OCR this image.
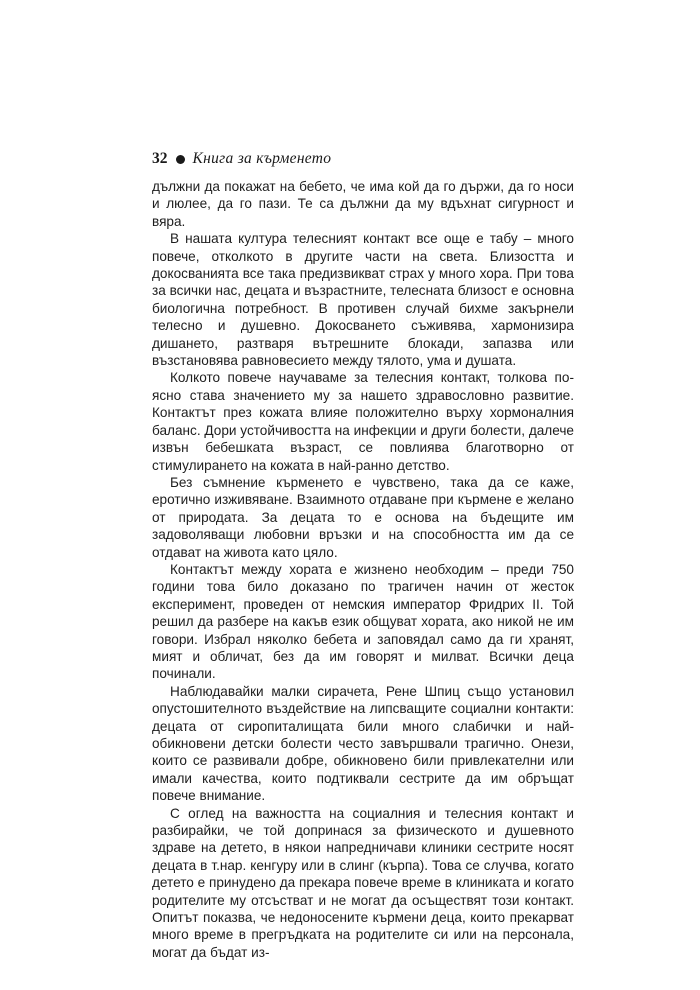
32 Книга за кърменето

дължни да покажат на бебето, че има кой да го държи, да го носи и люлее, да го пази. Те са дължни да му вдъхнат сигурност и вяра.

В нашата култура телесният контакт все още е табу – много повече, отколкото в другите части на света. Близостта и докосванията все така предизвикват страх у много хора. При това за всички нас, децата и възрастните, телесната близост е основна биологична потребност. В противен случай бихме закърнели телесно и душевно. Докосването съживява, хармонизира дишането, разтваря вътрешните блокади, запазва или възстановява равновесието между тялото, ума и душата.

Колкото повече научаваме за телесния контакт, толкова по-ясно става значението му за нашето здравословно развитие. Контактът през кожата влияе положително върху хормоналния баланс. Дори устойчивостта на инфекции и други болести, далече извън бебешката възраст, се повлиява благотворно от стимулирането на кожата в най-ранно детство.

Без съмнение кърменето е чувствено, така да се каже, еротично изживяване. Взаимното отдаване при кърмене е желано от природата. За децата то е основа на бъдещите им задоволяващи любовни връзки и на способността им да се отдават на живота като цяло.

Контактът между хората е жизнено необходим – преди 750 години това било доказано по трагичен начин от жесток експеримент, проведен от немския император Фридрих II. Той решил да разбере на какъв език общуват хората, ако никой не им говори. Избрал няколко бебета и заповядал само да ги хранят, мият и обличат, без да им говорят и милват. Всички деца починали.

Наблюдавайки малки сирачета, Рене Шпиц също установил опустошителното въздействие на липсващите социални контакти: децата от сиропиталищата били много слабички и най-обикновени детски болести често завършвали трагично. Онези, които се развивали добре, обикновено били привлекателни или имали качества, които подтиквали сестрите да им обръщат повече внимание.

С оглед на важността на социалния и телесния контакт и разбирайки, че той допринася за физическото и душевното здраве на детето, в някои напредничави клиники сестрите носят децата в т.нар. кенгуру или в слинг (кърпа). Това се случва, когато детето е принудено да прекара повече време в клиниката и когато родителите му отсъстват и не могат да осъществят този контакт. Опитът показва, че недоносените кърмени деца, които прекарват много време в прегръдката на родителите си или на персонала, могат да бъдат из-
